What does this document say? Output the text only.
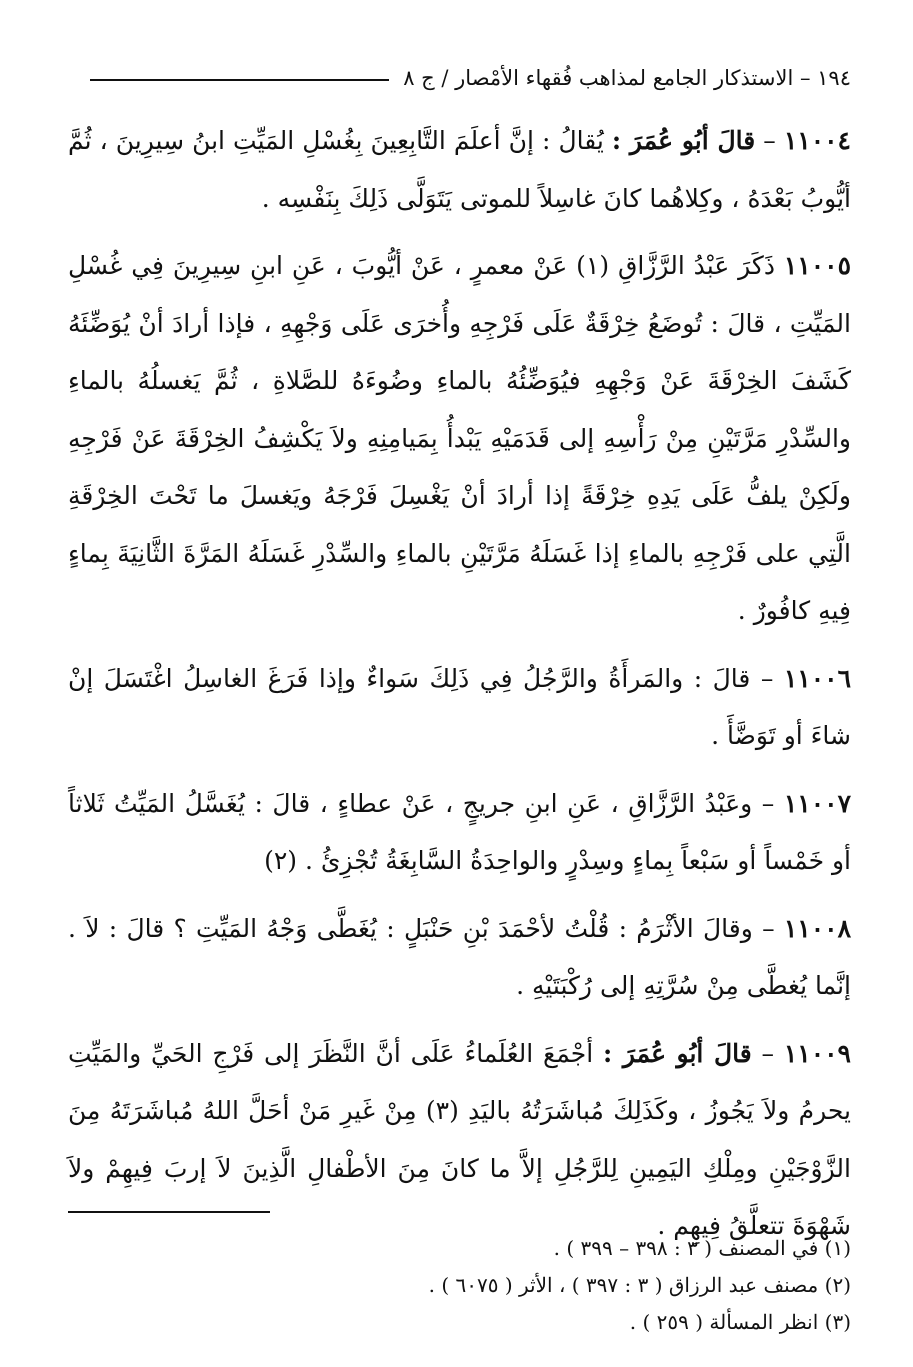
١٩٤
– الاستذكار الجامع لمذاهب فُقهاء الأمْصار / ج ٨

١١٠٠٤ – قالَ أبُو عُمَرَ : يُقالُ : إنَّ أعلَمَ التَّابِعِينَ بِغُسْلِ المَيِّتِ ابنُ سِيرِينَ ، ثُمَّ أيُّوبُ بَعْدَهُ ، وكِلاهُما كانَ غاسِلاً للموتى يَتَوَلَّى ذَلِكَ بِنَفْسِه .

١١٠٠٥ ذَكَرَ عَبْدُ الرَّزَّاقِ (١) عَنْ معمرٍ ، عَنْ أيُّوبَ ، عَنِ ابنِ سِيرِينَ فِي غُسْلِ المَيِّتِ ، قالَ : تُوضَعُ خِرْقَةٌ عَلَى فَرْجِهِ وأُخرَى عَلَى وَجْهِهِ ، فإذا أرادَ أنْ يُوَضِّئَهُ كَشَفَ الخِرْقَةَ عَنْ وَجْهِهِ فيُوَضِّئُهُ بالماءِ وضُوءَهُ للصَّلاةِ ، ثُمَّ يَغسلُهُ بالماءِ والسِّدْرِ مَرَّتَيْنِ مِنْ رَأْسِهِ إلى قَدَمَيْهِ يَبْدأُ بِمَيامِنِهِ ولاَ يَكْشِفُ الخِرْقَةَ عَنْ فَرْجِهِ ولَكِنْ يلفُّ عَلَى يَدِهِ خِرْقَةً إذا أرادَ أنْ يَغْسِلَ فَرْجَهُ ويَغسلَ ما تَحْتَ الخِرْقَةِ الَّتِي على فَرْجِهِ بالماءِ إذا غَسَلَهُ مَرَّتَيْنِ بالماءِ والسِّدْرِ غَسَلَهُ المَرَّةَ الثَّانِيَةَ بِماءٍ فِيهِ كافُورٌ .

١١٠٠٦ – قالَ : والمَرأَةُ والرَّجُلُ فِي ذَلِكَ سَواءٌ وإذا فَرَغَ الغاسِلُ اغْتَسَلَ إنْ شاءَ أو تَوَضَّأَ .

١١٠٠٧ – وعَبْدُ الرَّزَّاقِ ، عَنِ ابنِ جريجٍ ، عَنْ عطاءٍ ، قالَ : يُغَسَّلُ المَيِّتُ ثَلاثاً أو خَمْساً أو سَبْعاً بِماءٍ وسِدْرٍ والواحِدَةُ السَّابِغَةُ تُجْزِئُ . (٢)

١١٠٠٨ – وقالَ الأثْرَمُ : قُلْتُ لأحْمَدَ بْنِ حَنْبَلٍ : يُغَطَّى وَجْهُ المَيِّتِ ؟ قالَ : لاَ . إنَّما يُغطَّى مِنْ سُرَّتِهِ إلى رُكْبَتَيْهِ .

١١٠٠٩ – قالَ أبُو عُمَرَ : أجْمَعَ العُلَماءُ عَلَى أنَّ النَّظَرَ إلى فَرْجِ الحَيِّ والمَيِّتِ يحرمُ ولاَ يَجُوزُ ، وكَذَلِكَ مُباشَرَتُهُ باليَدِ (٣) مِنْ غَيرِ مَنْ أحَلَّ اللهُ مُباشَرَتَهُ مِنَ الزَّوْجَيْنِ ومِلْكِ اليَمِينِ لِلرَّجُلِ إلاَّ ما كانَ مِنَ الأطْفالِ الَّذِينَ لاَ إربَ فِيهِمْ ولاَ شَهْوَةَ تتعلَّقُ فِيهِم .

(١) في المصنف ( ٣ : ٣٩٨ – ٣٩٩ ) .

(٢) مصنف عبد الرزاق ( ٣ : ٣٩٧ ) ، الأثر ( ٦٠٧٥ ) .

(٣) انظر المسألة ( ٢٥٩ ) .
